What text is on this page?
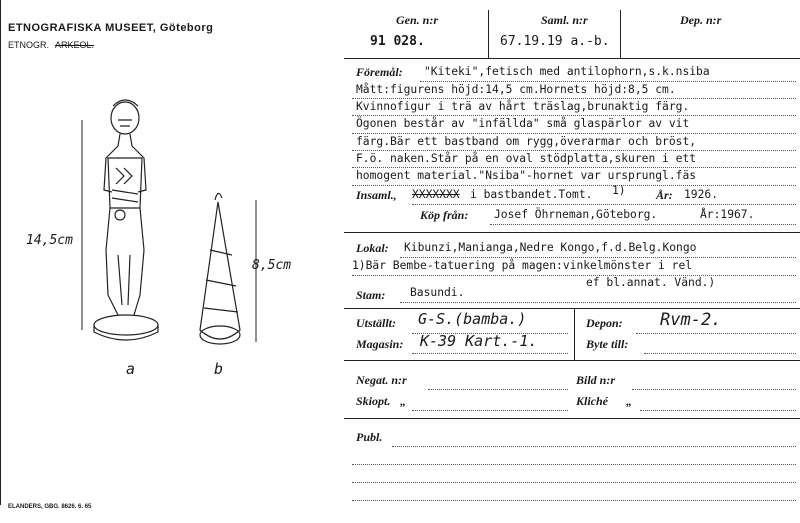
ETNOGRAFISKA MUSEET, Göteborg
ETNOGR. ARKEOL.
14,5cm
8,5cm
a	b
ELANDERS, GBG. 8626. 6. 65
Gen. n:r
91 028.
Saml. n:r
67.19.19 a.-b.
Dep. n:r
Föremål: "Kiteki",fetisch med antilophorn,s.k.nsiba
Mått:figurens höjd:14,5 cm.Hornets höjd:8,5 cm.
Kvinnofigur i trä av hårt träslag,brunaktig färg.
Ögonen består av "infällda" små glaspärlor av vit
färg.Bär ett bastband om rygg,överarmar och bröst,
F.ö. naken.Står på en oval stödplatta,skuren i ett
homogent material."Nsiba"-hornet var ursprungl.fäs
Insaml., XXXXXXX i bastbandet.Tomt. 1)	År: 1926.
Köp från: Josef Öhrneman,Göteborg.	År:1967.
Lokal: Kibunzi,Manianga,Nedre Kongo,f.d.Belg.Kongo
1)Bär Bembe-tatuering på magen:vinkelmönster i rel
ef bl.annat. Vänd.)
Stam: Basundi.
Utställt: G-S.(bamba.)	Depon: Rvm-2.
Magasin: K-39 Kart.-1.	Byte till:
Negat. n:r	Bild n:r
Skiopt. „	Kliché „
Publ.
